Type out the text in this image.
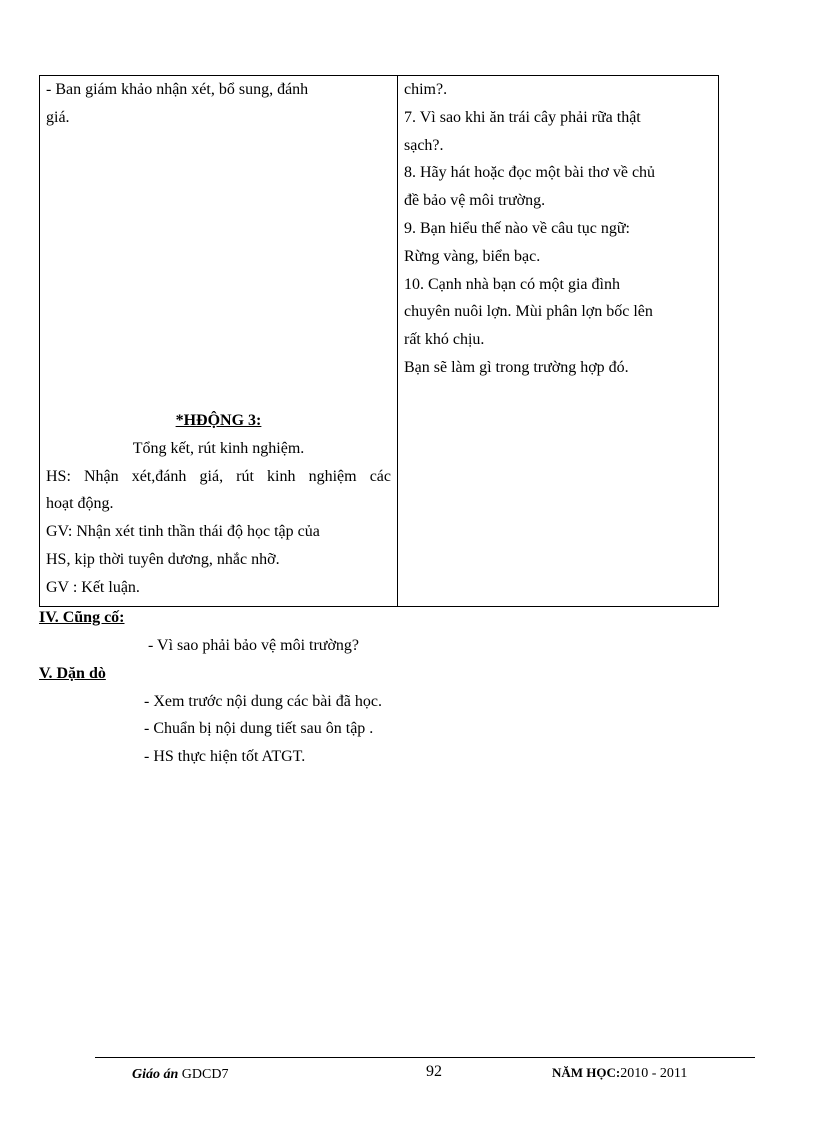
- Ban giám khảo nhận xét, bổ sung, đánh
giá.
*HĐỘNG 3:
Tổng kết, rút kinh nghiệm.
HS: Nhận xét,đánh giá, rút kinh nghiệm các
hoạt động.
GV: Nhận xét tinh thần thái độ học tập của
HS, kịp thời tuyên dương, nhắc nhỡ.
GV : Kết luận.
chim?.
7. Vì sao khi ăn trái cây phải rữa thật
sạch?.
8. Hãy hát hoặc đọc một bài thơ về chủ
đề bảo vệ môi trường.
9. Bạn hiểu thế nào về câu tục ngữ:
Rừng vàng, biển bạc.
10. Cạnh nhà bạn có một gia đình
chuyên nuôi lợn. Mùi phân lợn bốc lên
rất khó chịu.
Bạn sẽ làm gì trong trường hợp đó.
IV. Cũng cố:
- Vì sao phải bảo vệ môi trường?
V. Dặn dò
- Xem trước nội dung các bài đã học.
- Chuẩn bị nội dung tiết sau ôn tập .
- HS thực hiện tốt ATGT.
Giáo án GDCD7	92	NĂM HỌC:2010 - 2011
